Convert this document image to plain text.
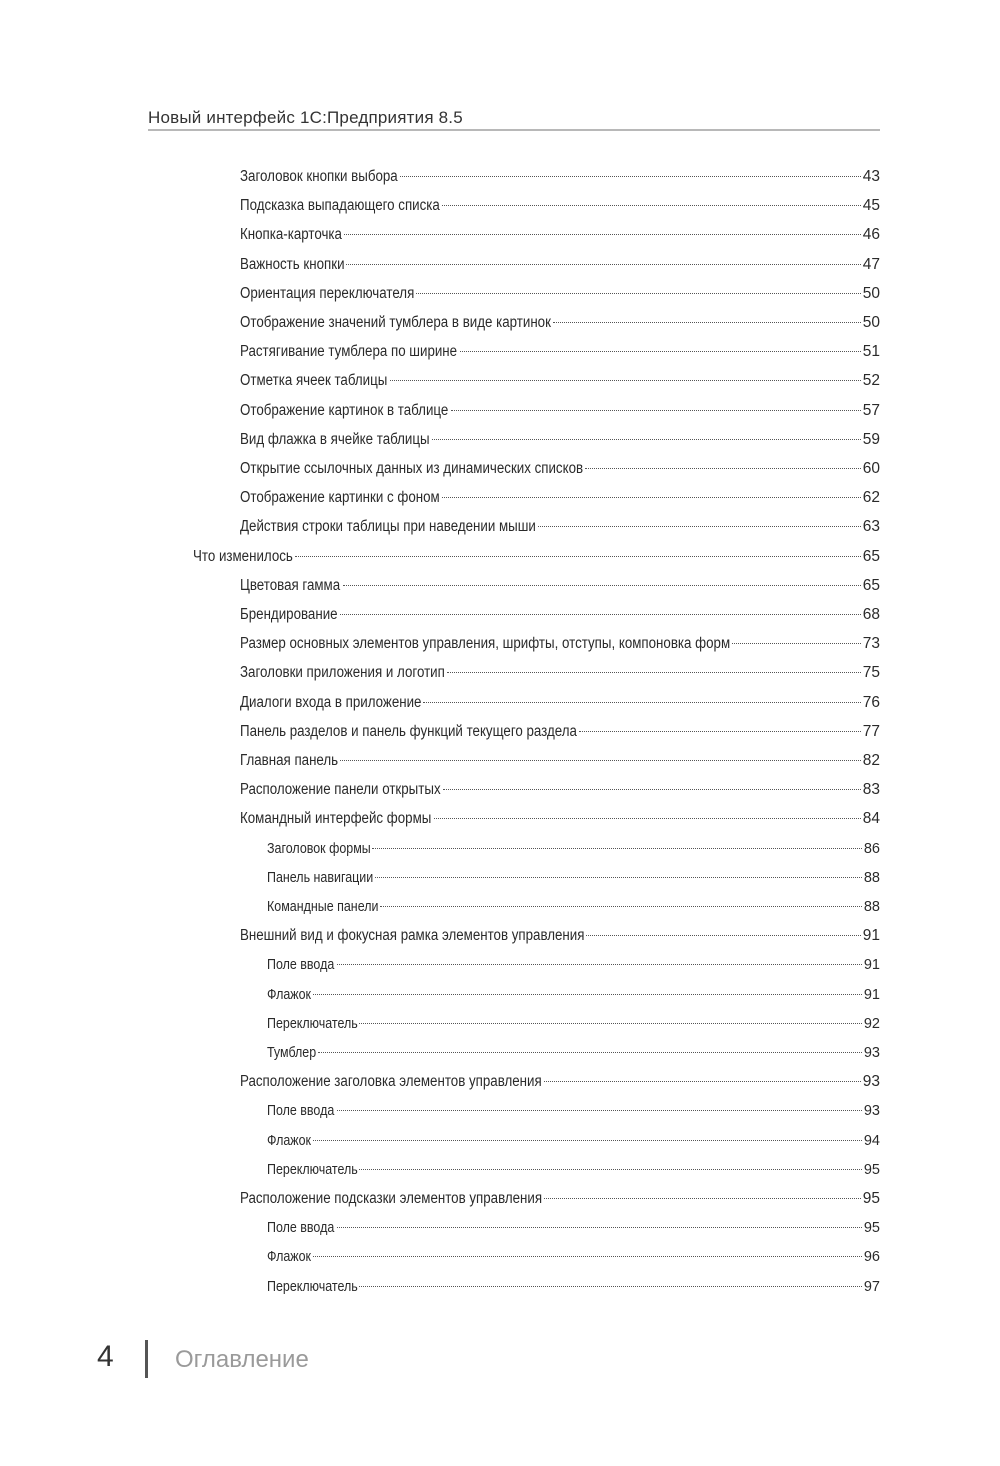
Новый интерфейс 1С:Предприятия 8.5
Заголовок кнопки выбора	43
Подсказка выпадающего списка	45
Кнопка-карточка	46
Важность кнопки	47
Ориентация переключателя	50
Отображение значений тумблера в виде картинок	50
Растягивание тумблера по ширине	51
Отметка ячеек таблицы	52
Отображение картинок в таблице	57
Вид флажка в ячейке таблицы	59
Открытие ссылочных данных из динамических списков	60
Отображение картинки с фоном	62
Действия строки таблицы при наведении мыши	63
Что изменилось	65
Цветовая гамма	65
Брендирование	68
Размер основных элементов управления, шрифты, отступы, компоновка форм	73
Заголовки приложения и логотип	75
Диалоги входа в приложение	76
Панель разделов и панель функций текущего раздела	77
Главная панель	82
Расположение панели открытых	83
Командный интерфейс формы	84
Заголовок формы	86
Панель навигации	88
Командные панели	88
Внешний вид и фокусная рамка элементов управления	91
Поле ввода	91
Флажок	91
Переключатель	92
Тумблер	93
Расположение заголовка элементов управления	93
Поле ввода	93
Флажок	94
Переключатель	95
Расположение подсказки элементов управления	95
Поле ввода	95
Флажок	96
Переключатель	97
4	Оглавление
